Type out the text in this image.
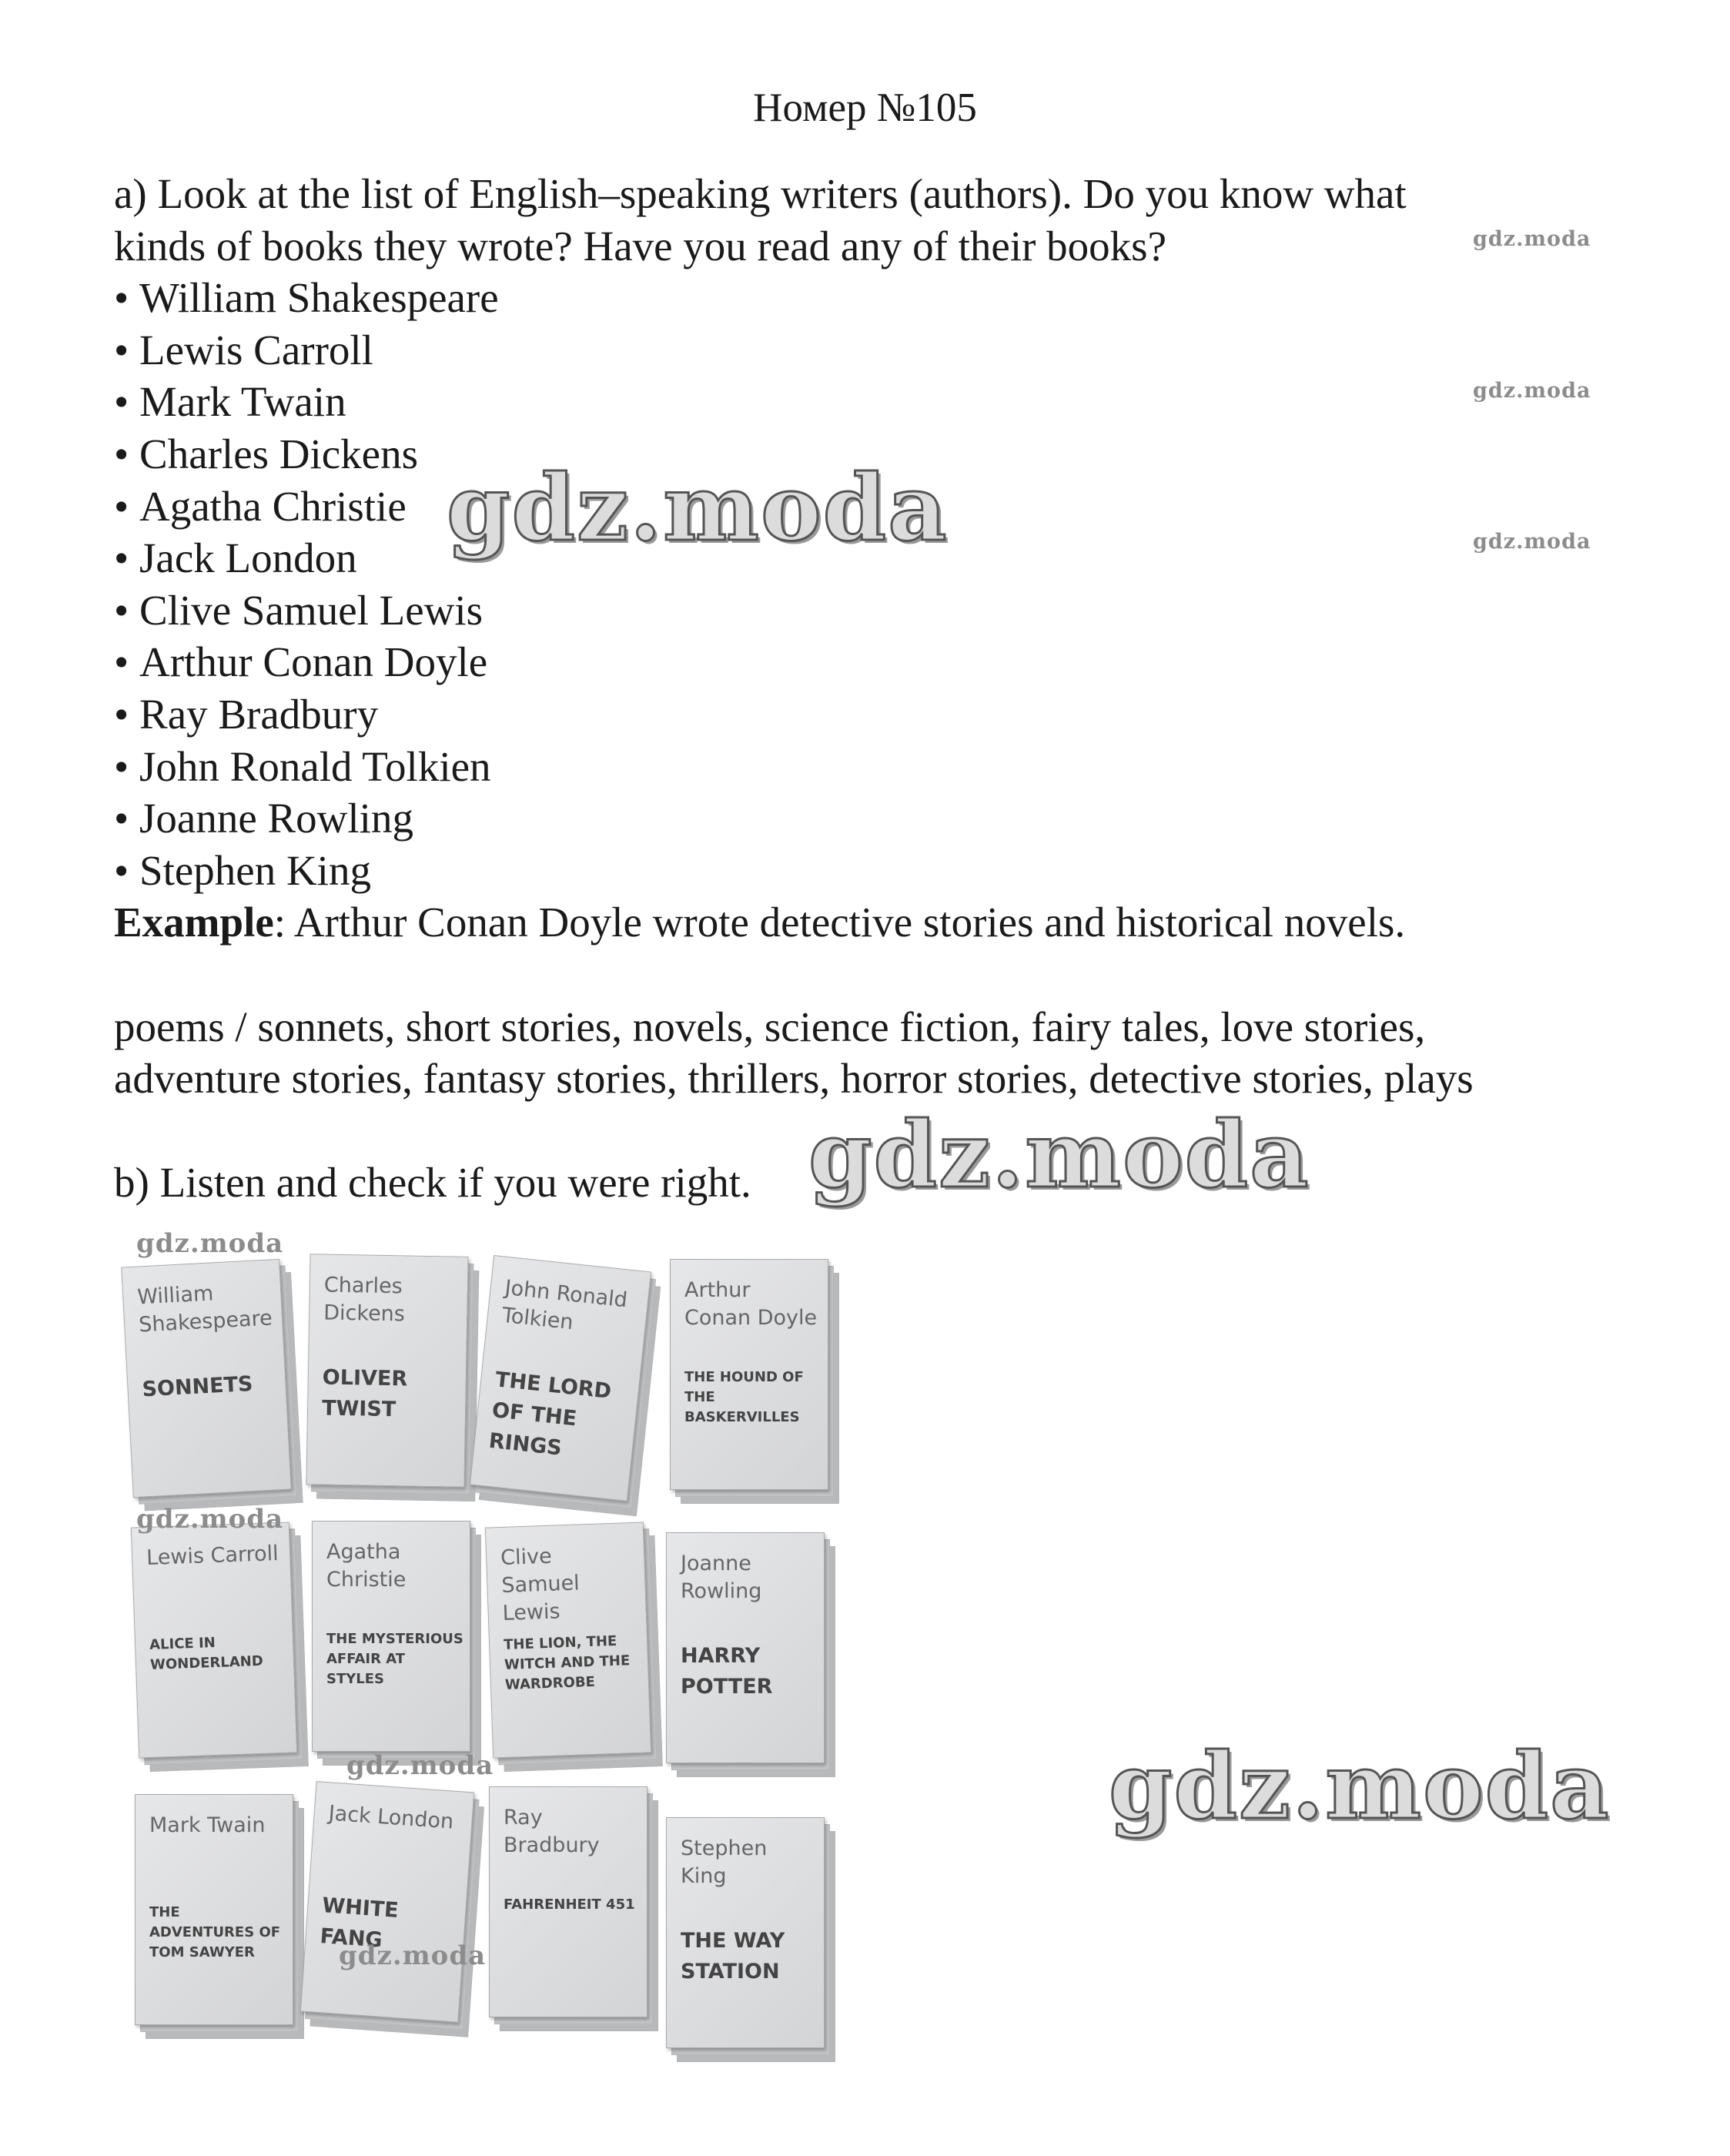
Номер №105

a) Look at the list of English–speaking writers (authors). Do you know what

kinds of books they wrote? Have you read any of their books?

• William Shakespeare
• Lewis Carroll
• Mark Twain
• Charles Dickens
• Agatha Christie
• Jack London
• Clive Samuel Lewis
• Arthur Conan Doyle
• Ray Bradbury
• John Ronald Tolkien
• Joanne Rowling
• Stephen King

Example: Arthur Conan Doyle wrote detective stories and historical novels.

poems / sonnets, short stories, novels, science fiction, fairy tales, love stories,

adventure stories, fantasy stories, thrillers, horror stories, detective stories, plays

b) Listen and check if you were right.

William Shakespeare
SONNETS
Charles Dickens
OLIVER TWIST
John Ronald Tolkien
THE LORD OF THE RINGS
Arthur Conan Doyle
THE HOUND OF THE BASKERVILLES
Lewis Carroll
ALICE IN WONDERLAND
Agatha Christie
THE MYSTERIOUS AFFAIR AT STYLES
Clive Samuel Lewis
THE LION, THE WITCH AND THE WARDROBE
Joanne Rowling
HARRY POTTER
Mark Twain
THE ADVENTURES OF TOM SAWYER
Jack London
WHITE FANG
Ray Bradbury
FAHRENHEIT 451
Stephen King
THE WAY STATION
gdz.moda
gdz.moda
gdz.moda
gdz.moda
gdz.moda
gdz.moda
gdz.moda
gdz.moda
gdz.moda
gdz.moda
